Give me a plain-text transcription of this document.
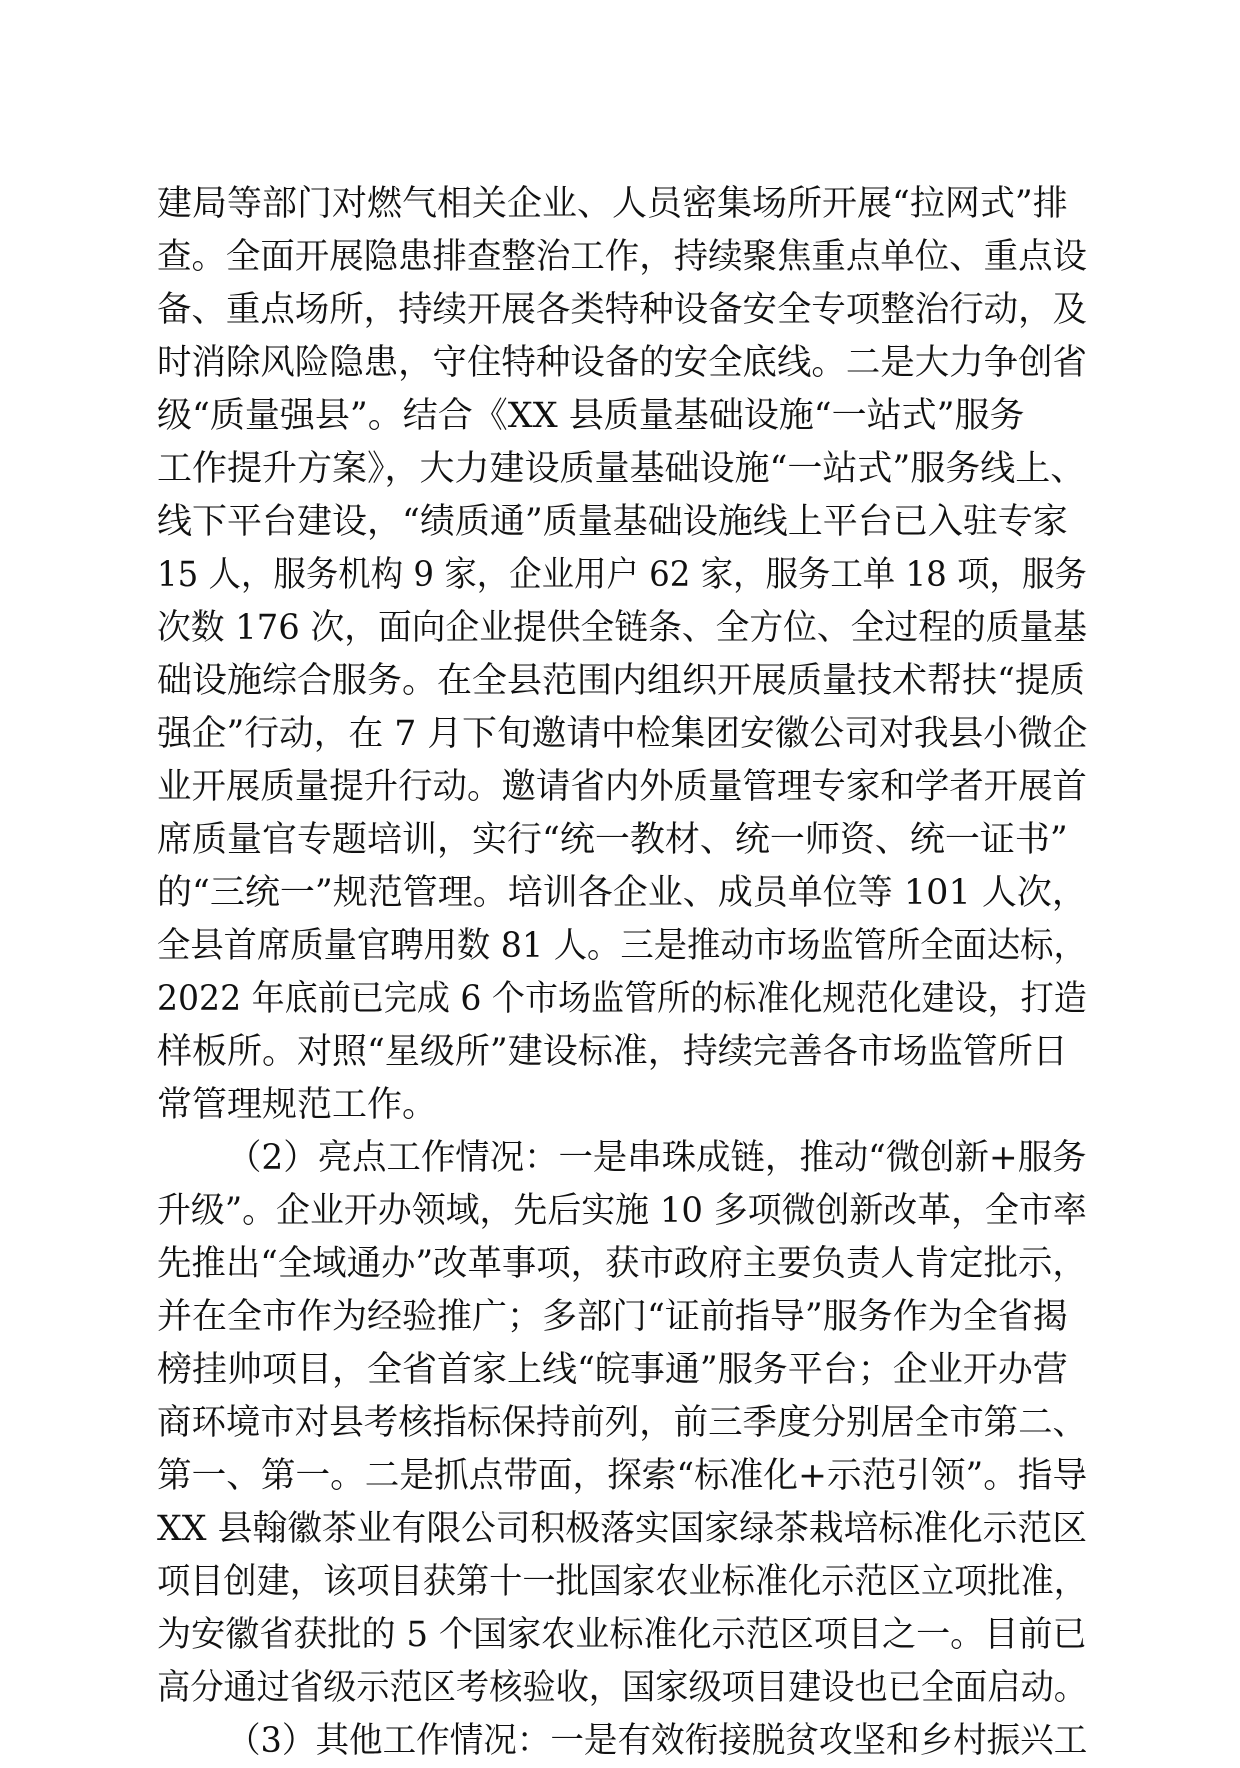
建局等部门对燃气相关企业、人员密集场所开展“拉网式”排
查。全面开展隐患排查整治工作，持续聚焦重点单位、重点设
备、重点场所，持续开展各类特种设备安全专项整治行动，及
时消除风险隐患，守住特种设备的安全底线。二是大力争创省
级“质量强县”。结合《XX 县质量基础设施“一站式”服务
工作提升方案》，大力建设质量基础设施“一站式”服务线上、
线下平台建设，“绩质通”质量基础设施线上平台已入驻专家
15 人，服务机构 9 家，企业用户 62 家，服务工单 18 项，服务
次数 176 次，面向企业提供全链条、全方位、全过程的质量基
础设施综合服务。在全县范围内组织开展质量技术帮扶“提质
强企”行动，在 7 月下旬邀请中检集团安徽公司对我县小微企
业开展质量提升行动。邀请省内外质量管理专家和学者开展首
席质量官专题培训，实行“统一教材、统一师资、统一证书”
的“三统一”规范管理。培训各企业、成员单位等 101 人次，
全县首席质量官聘用数 81 人。三是推动市场监管所全面达标，
2022 年底前已完成 6 个市场监管所的标准化规范化建设，打造
样板所。对照“星级所”建设标准，持续完善各市场监管所日
常管理规范工作。
（2）亮点工作情况：一是串珠成链，推动“微创新+服务
升级”。企业开办领域，先后实施 10 多项微创新改革，全市率
先推出“全域通办”改革事项，获市政府主要负责人肯定批示，
并在全市作为经验推广；多部门“证前指导”服务作为全省揭
榜挂帅项目，全省首家上线“皖事通”服务平台；企业开办营
商环境市对县考核指标保持前列，前三季度分别居全市第二、
第一、第一。二是抓点带面，探索“标准化+示范引领”。指导
XX 县翰徽茶业有限公司积极落实国家绿茶栽培标准化示范区
项目创建，该项目获第十一批国家农业标准化示范区立项批准，
为安徽省获批的 5 个国家农业标准化示范区项目之一。目前已
高分通过省级示范区考核验收，国家级项目建设也已全面启动。
（3）其他工作情况：一是有效衔接脱贫攻坚和乡村振兴工
